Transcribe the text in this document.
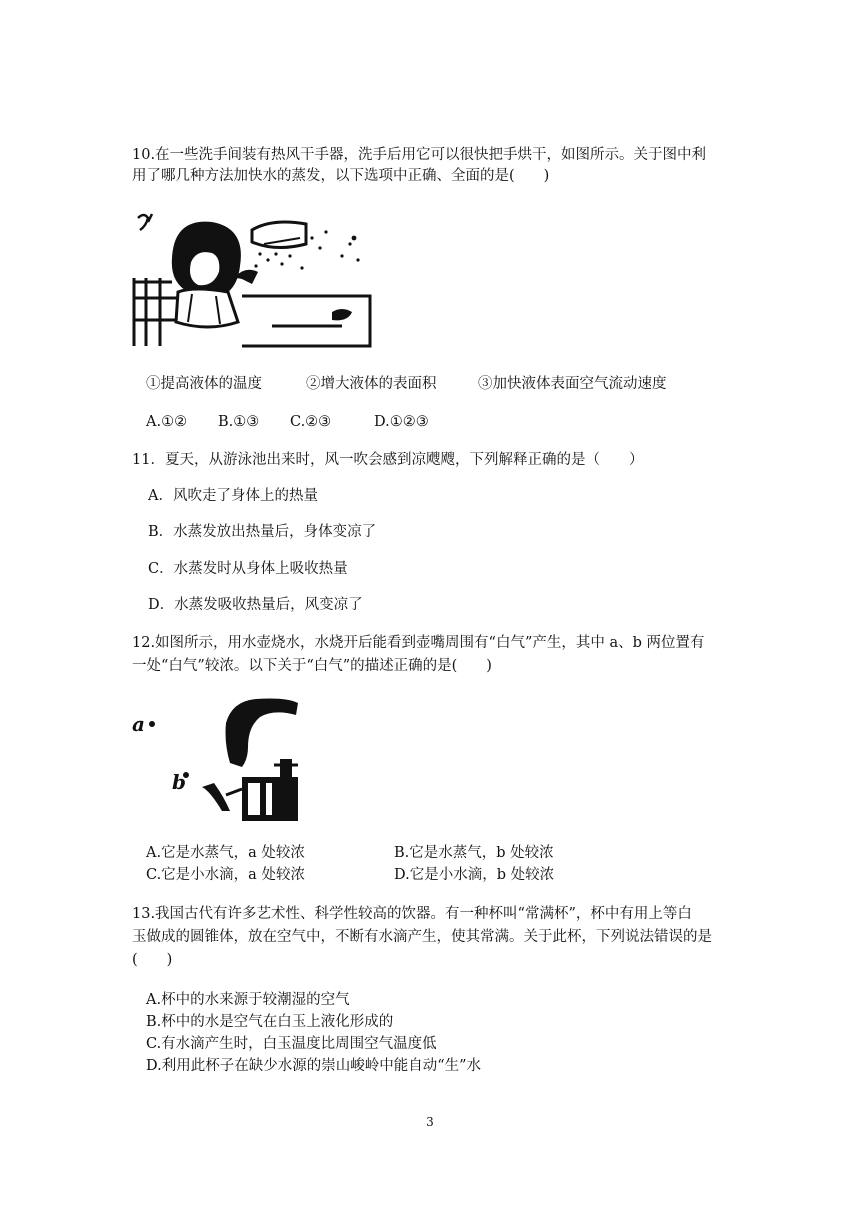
10.在一些洗手间装有热风干手器，洗手后用它可以很快把手烘干，如图所示。关于图中利
用了哪几种方法加快水的蒸发，以下选项中正确、全面的是(　　)
①提高液体的温度	②增大液体的表面积	③加快液体表面空气流动速度
A.①② B.①③ C.②③	D.①②③
11．夏天，从游泳池出来时，风一吹会感到凉飕飕，下列解释正确的是（　　）
A．风吹走了身体上的热量
B．水蒸发放出热量后，身体变凉了
C．水蒸发时从身体上吸收热量
D．水蒸发吸收热量后，风变凉了
12.如图所示，用水壶烧水，水烧开后能看到壶嘴周围有“白气”产生，其中 a、b 两位置有
一处“白气”较浓。以下关于“白气”的描述正确的是(　　)
a
b
A.它是水蒸气，a 处较浓	B.它是水蒸气，b 处较浓
C.它是小水滴，a 处较浓	D.它是小水滴，b 处较浓
13.我国古代有许多艺术性、科学性较高的饮器。有一种杯叫“常满杯”，杯中有用上等白
玉做成的圆锥体，放在空气中，不断有水滴产生，使其常满。关于此杯，下列说法错误的是
(　　)
A.杯中的水来源于较潮湿的空气
B.杯中的水是空气在白玉上液化形成的
C.有水滴产生时，白玉温度比周围空气温度低
D.利用此杯子在缺少水源的崇山峻岭中能自动“生”水
3
